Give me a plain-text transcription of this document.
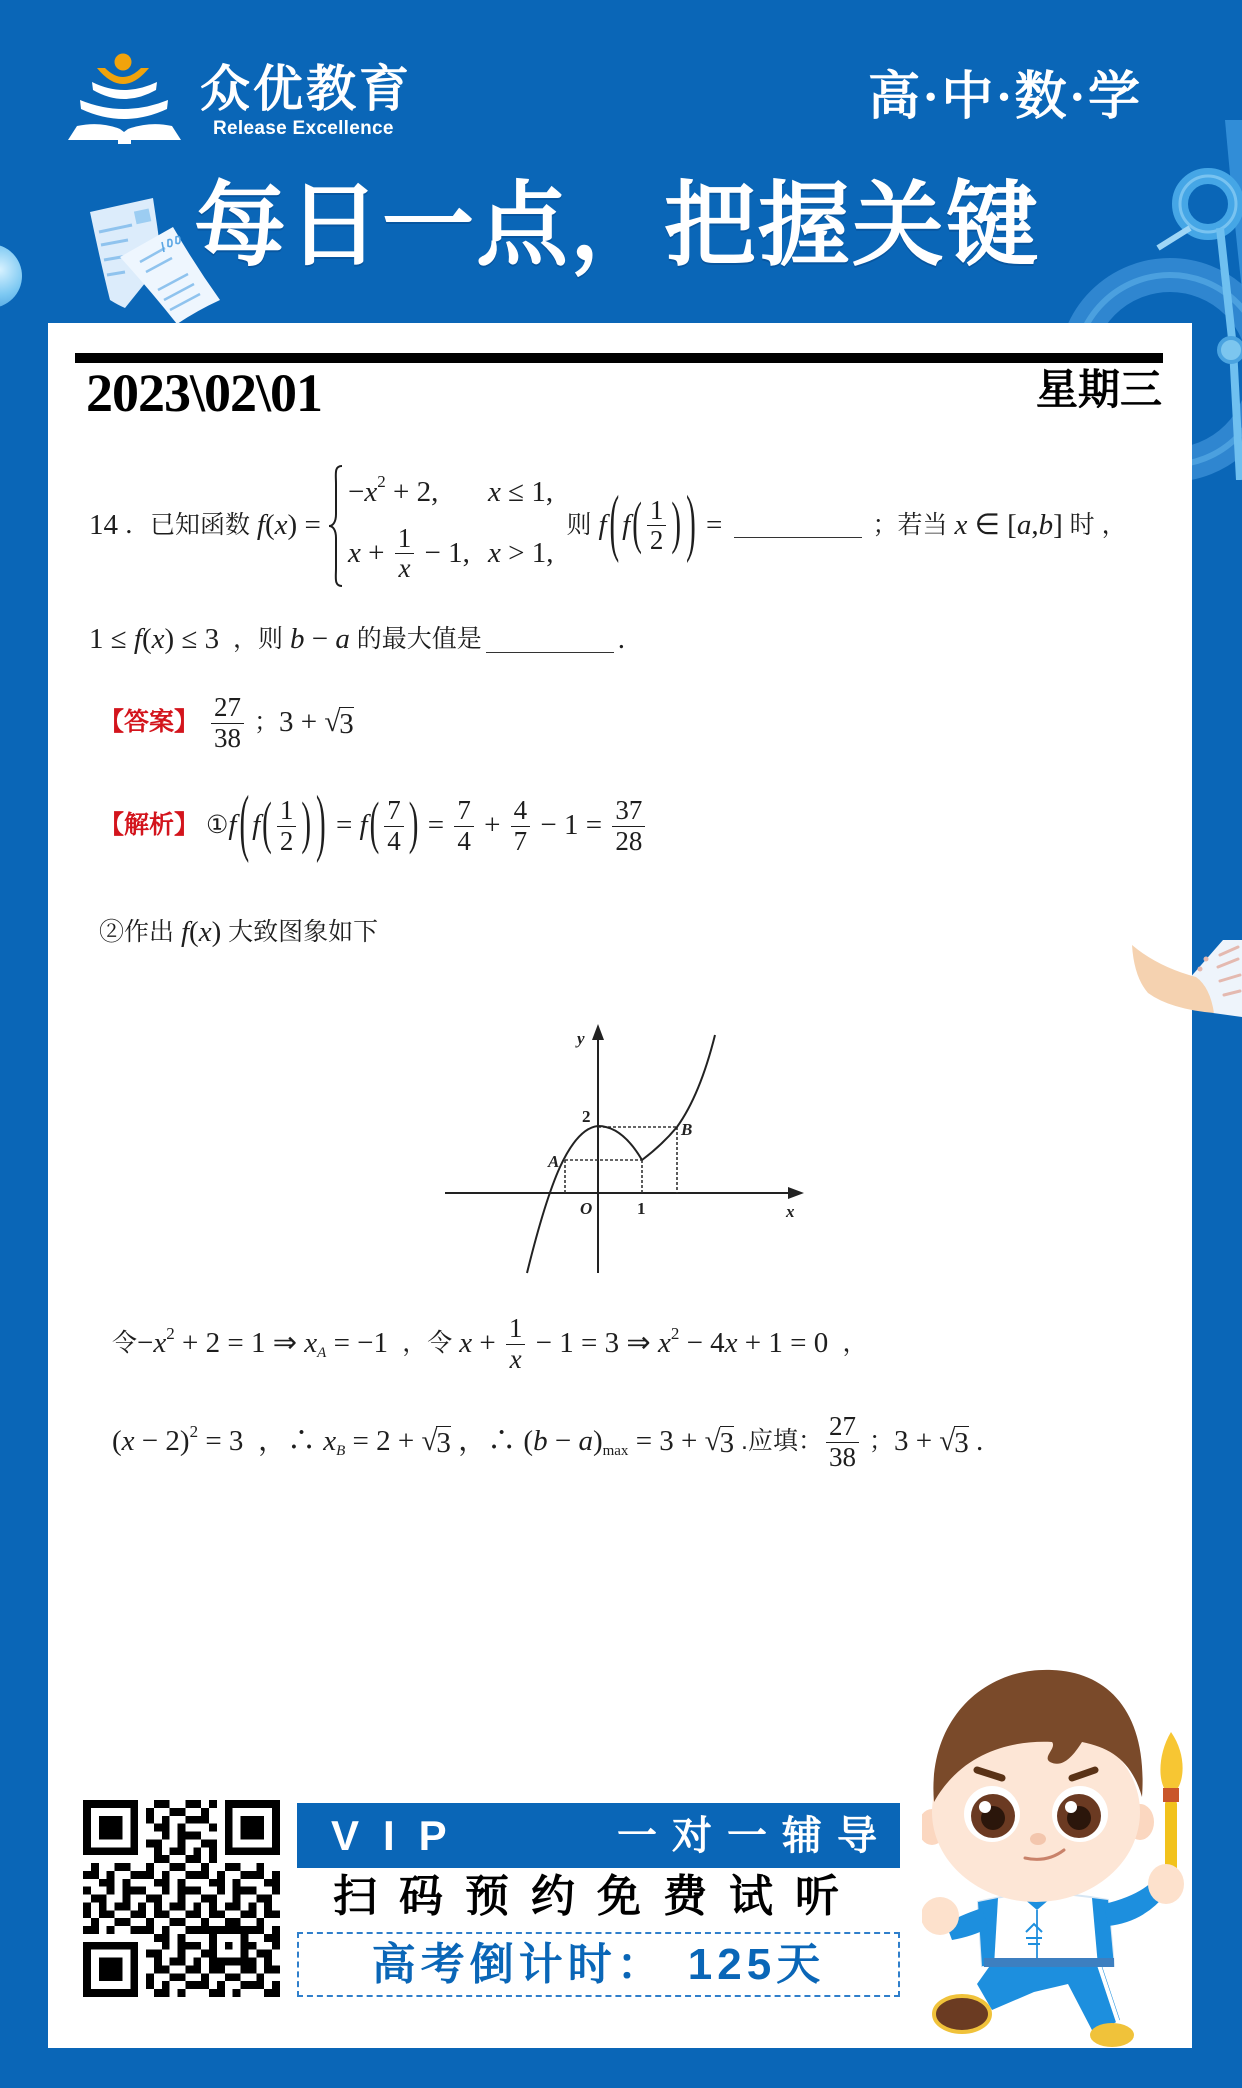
众优教育
Release Excellence
高·中·数·学
每日一点，把握关键
2023\02\01	星期三
14 ．已知函数 f ( x ) =
− x 2 + 2, x ≤ 1,
$x + \frac{1}{x} - 1$, x > 1,
则 f ( f ( $\frac{1}{2}$ ) ) =	；若当 x ∈ [ a , b ] 时 ，
1 ≤ f ( x ) ≤ 3 ，则 b − a 的最大值是	.
【答案】 $\frac{27}{38}$ ； 3 + √ 3
【解析】 ① f ( f ( $\frac{1}{2}$ ) ) = f ( $\frac{7}{4}$ ) = $\frac{7}{4} + \frac{4}{7} - 1 = \frac{37}{28}$
②作出 f ( x ) 大致图象如下
y
x
O	1
2
A
B
令 − x 2 + 2 = 1 ⇒ x A = −1 ，令 $x + \frac{1}{x} - 1 = 3$ ⇒ x 2 − 4 x + 1 = 0 ，
( x − 2 ) 2 = 3 ，∴ x B = 2 + √ 3 ，∴ ( b − a ) max = 3 + √ 3 .应填： $\frac{27}{38}$ ； 3 + √ 3 .
VIP	一对一辅导
扫码预约免费试听
高考倒计时： 125 天
